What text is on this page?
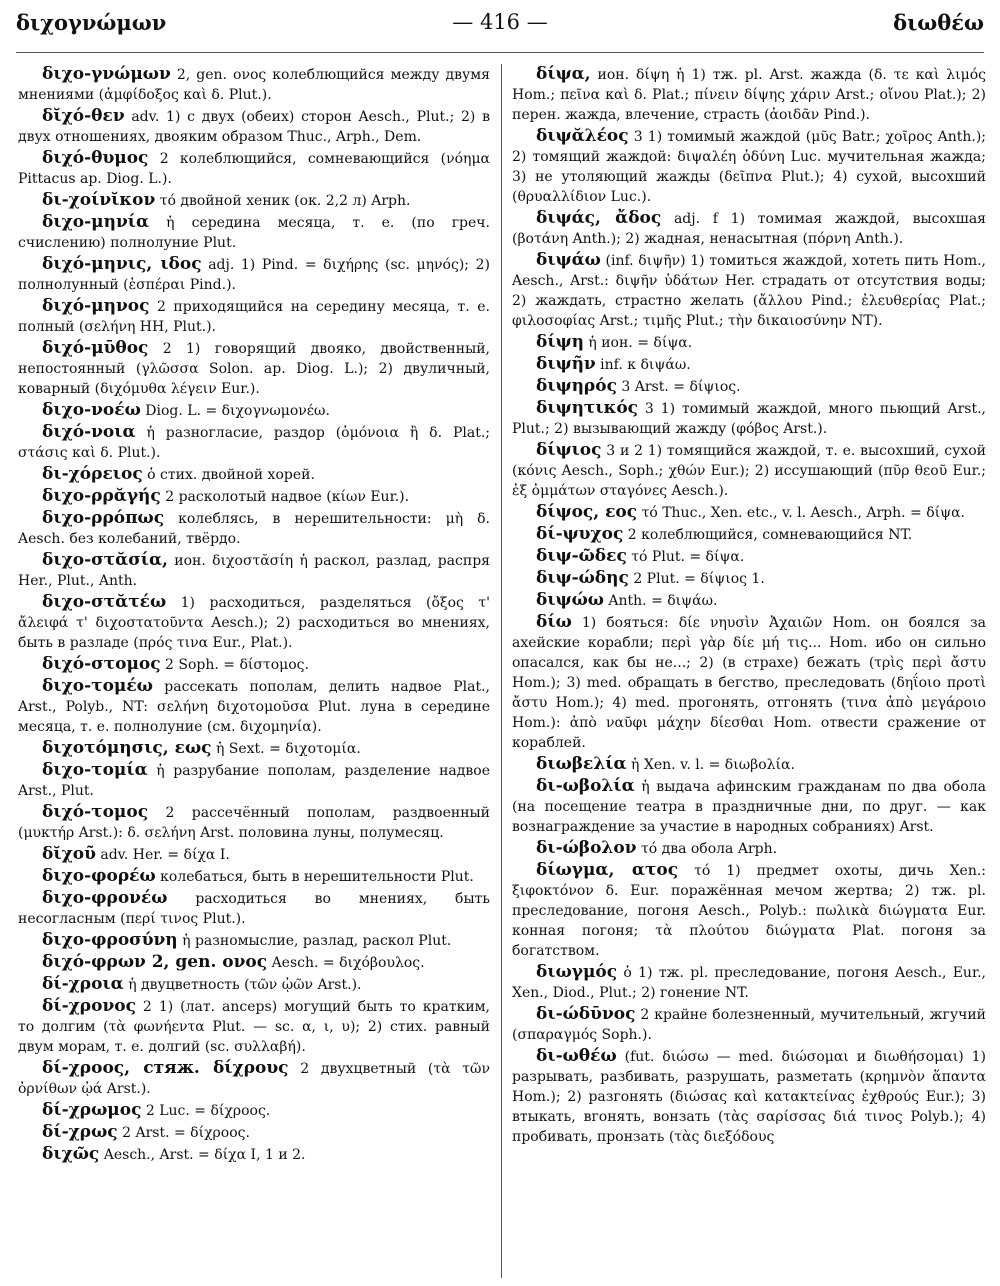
διχογνώμων	— 416 —	διωθέω

διχο-γνώμων 2, gen. ονος колеблющийся между двумя мнениями (ἀμφίδοξος καὶ δ. Plut.).

δῐχό-θεν adv. 1) с двух (обеих) сторон Aesch., Plut.; 2) в двух отношениях, двояким образом Thuc., Arph., Dem.

διχό-θυμος 2 колеблющийся, сомневающийся (νόημα Pittacus ap. Diog. L.).

δι-χοίνῐκον τό двойной хеник (ок. 2,2 л) Arph.

διχο-μηνία ἡ середина месяца, т. е. (по греч. счислению) полнолуние Plut.

διχό-μηνις, ιδος adj. 1) Pind. = διχήρης (sc. μηνός); 2) полнолунный (ἑσπέραι Pind.).

διχό-μηνος 2 приходящийся на середину месяца, т. е. полный (σελήνη HH, Plut.).

διχό-μῡθος 2 1) говорящий двояко, двойственный, непостоянный (γλῶσσα Solon. ap. Diog. L.); 2) двуличный, коварный (διχόμυθα λέγειν Eur.).

διχο-νοέω Diog. L. = διχογνωμονέω.

διχό-νοια ἡ разногласие, раздор (ὁμόνοια ἢ δ. Plat.; στάσις καὶ δ. Plut.).

δι-χόρειος ὁ стих. двойной хорей.

διχο-ρρᾰγής 2 расколотый надвое (κίων Eur.).

διχο-ρρόπως колеблясь, в нерешительности: μὴ δ. Aesch. без колебаний, твёрдо.

διχο-στᾰσία, ион. διχοστᾰσίη ἡ раскол, разлад, распря Her., Plut., Anth.

διχο-στᾰτέω 1) расходиться, разделяться (ὄξος τ' ἄλειφά τ' διχοστατοῦντα Aesch.); 2) расходиться во мнениях, быть в разладе (πρός τινα Eur., Plat.).

διχό-στομος 2 Soph. = δίστομος.

διχο-τομέω рассекать пополам, делить надвое Plat., Arst., Polyb., NT: σελήνη διχοτομοῦσα Plut. луна в середине месяца, т. е. полнолуние (см. διχομηνία).

διχοτόμησις, εως ἡ Sext. = διχοτομία.

διχο-τομία ἡ разрубание пополам, разделение надвое Arst., Plut.

διχό-τομος 2 рассечённый пополам, раздвоенный (μυκτήρ Arst.): δ. σελήνη Arst. половина луны, полумесяц.

δῐχοῦ adv. Her. = δίχα I.

διχο-φορέω колебаться, быть в нерешительности Plut.

διχο-φρονέω расходиться во мнениях, быть несогласным (περί τινος Plut.).

διχο-φροσύνη ἡ разномыслие, разлад, раскол Plut.

διχό-φρων 2, gen. ονος Aesch. = διχόβουλος.

δί-χροια ἡ двуцветность (τῶν ᾠῶν Arst.).

δί-χρονος 2 1) (лат. anceps) могущий быть то кратким, то долгим (τὰ φωνήεντα Plut. — sc. α, ι, υ); 2) стих. равный двум морам, т. е. долгий (sc. συλλαβή).

δί-χροος, стяж. δίχρους 2 двухцветный (τὰ τῶν ὀρνίθων ᾠά Arst.).

δί-χρωμος 2 Luc. = δίχροος.

δί-χρως 2 Arst. = δίχροος.

διχῶς Aesch., Arst. = δίχα I, 1 и 2.

δίψα, ион. δίψη ἡ 1) тж. pl. Arst. жажда (δ. τε καὶ λιμός Hom.; πεῖνα καὶ δ. Plat.; πίνειν δίψης χάριν Arst.; οἴνου Plat.); 2) перен. жажда, влечение, страсть (ἀοιδᾶν Pind.).

διψᾰλέος 3 1) томимый жаждой (μῦς Batr.; χοῖρος Anth.); 2) томящий жаждой: διψαλέη ὀδύνη Luc. мучительная жажда; 3) не утоляющий жажды (δεῖπνα Plut.); 4) сухой, высохший (θρυαλλίδιον Luc.).

διψάς, ἄδος adj. f 1) томимая жаждой, высохшая (βοτάνη Anth.); 2) жадная, ненасытная (πόρνη Anth.).

διψάω (inf. διψῆν) 1) томиться жаждой, хотеть пить Hom., Aesch., Arst.: διψῆν ὑδάτων Her. страдать от отсутствия воды; 2) жаждать, страстно желать (ἄλλου Pind.; ἐλευθερίας Plat.; φιλοσοφίας Arst.; τιμῆς Plut.; τὴν δικαιοσύνην NT).

δίψη ἡ ион. = δίψα.

διψῆν inf. к διψάω.

διψηρός 3 Arst. = δίψιος.

διψητικός 3 1) томимый жаждой, много пьющий Arst., Plut.; 2) вызывающий жажду (φόβος Arst.).

δίψιος 3 и 2 1) томящийся жаждой, т. е. высохший, сухой (κόνις Aesch., Soph.; χθών Eur.); 2) иссушающий (πῦρ θεοῦ Eur.; ἐξ ὀμμάτων σταγόνες Aesch.).

δίψος, εος τό Thuc., Xen. etc., v. l. Aesch., Arph. = δίψα.

δί-ψυχος 2 колеблющийся, сомневающийся NT.

διψ-ῶδες τό Plut. = δίψα.

διψ-ώδης 2 Plut. = δίψιος 1.

διψώω Anth. = διψάω.

δίω 1) бояться: δίε νηυσὶν Ἀχαιῶν Hom. он боялся за ахейские корабли; περὶ γὰρ δίε μή τις... Hom. ибо он сильно опасался, как бы не...; 2) (в страхе) бежать (τρὶς περὶ ἄστυ Hom.); 3) med. обращать в бегство, преследовать (δηΐοιο προτὶ ἄστυ Hom.); 4) med. прогонять, отгонять (τινα ἀπὸ μεγάροιο Hom.): ἀπὸ ναῦφι μάχην δίεσθαι Hom. отвести сражение от кораблей.

διωβελία ἡ Xen. v. l. = διωβολία.

δι-ωβολία ἡ выдача афинским гражданам по два обола (на посещение театра в праздничные дни, по друг. — как вознаграждение за участие в народных собраниях) Arst.

δι-ώβολον τό два обола Arph.

δίωγμα, ατος τό 1) предмет охоты, дичь Xen.: ξιφοκτόνον δ. Eur. поражённая мечом жертва; 2) тж. pl. преследование, погоня Aesch., Polyb.: πωλικὰ διώγματα Eur. конная погоня; τὰ πλούτου διώγματα Plat. погоня за богатством.

διωγμός ὁ 1) тж. pl. преследование, погоня Aesch., Eur., Xen., Diod., Plut.; 2) гонение NT.

δι-ώδῡνος 2 крайне болезненный, мучительный, жгучий (σπαραγμός Soph.).

δι-ωθέω (fut. διώσω — med. διώσομαι и διωθήσομαι) 1) разрывать, разбивать, разрушать, разметать (κρημνὸν ἅπαντα Hom.); 2) разгонять (διώσας καὶ κατακτείνας ἐχθρούς Eur.); 3) втыкать, вгонять, вонзать (τὰς σαρίσσας διά τινος Polyb.); 4) пробивать, пронзать (τὰς διεξόδους
